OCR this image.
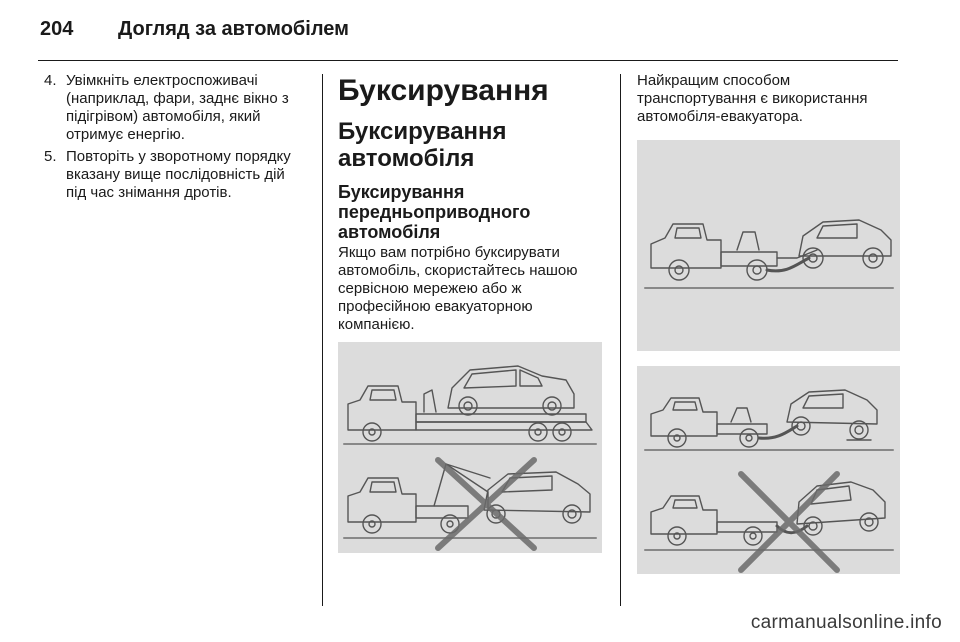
204	Догляд за автомобілем
4. Увімкніть електроспоживачі (наприклад, фари, заднє вікно з підігрівом) автомобіля, який отримує енергію.
5. Повторіть у зворотному порядку вказану вище послідовність дій під час знімання дротів.
Буксирування
Буксирування автомобіля
Буксирування передньоприводного автомобіля

Якщо вам потрібно буксирувати автомобіль, скористайтесь нашою сервісною мережею або ж професійною евакуаторною компанією.

Найкращим способом транспортування є використання автомобіля-евакуатора.

carmanualsonline.info
